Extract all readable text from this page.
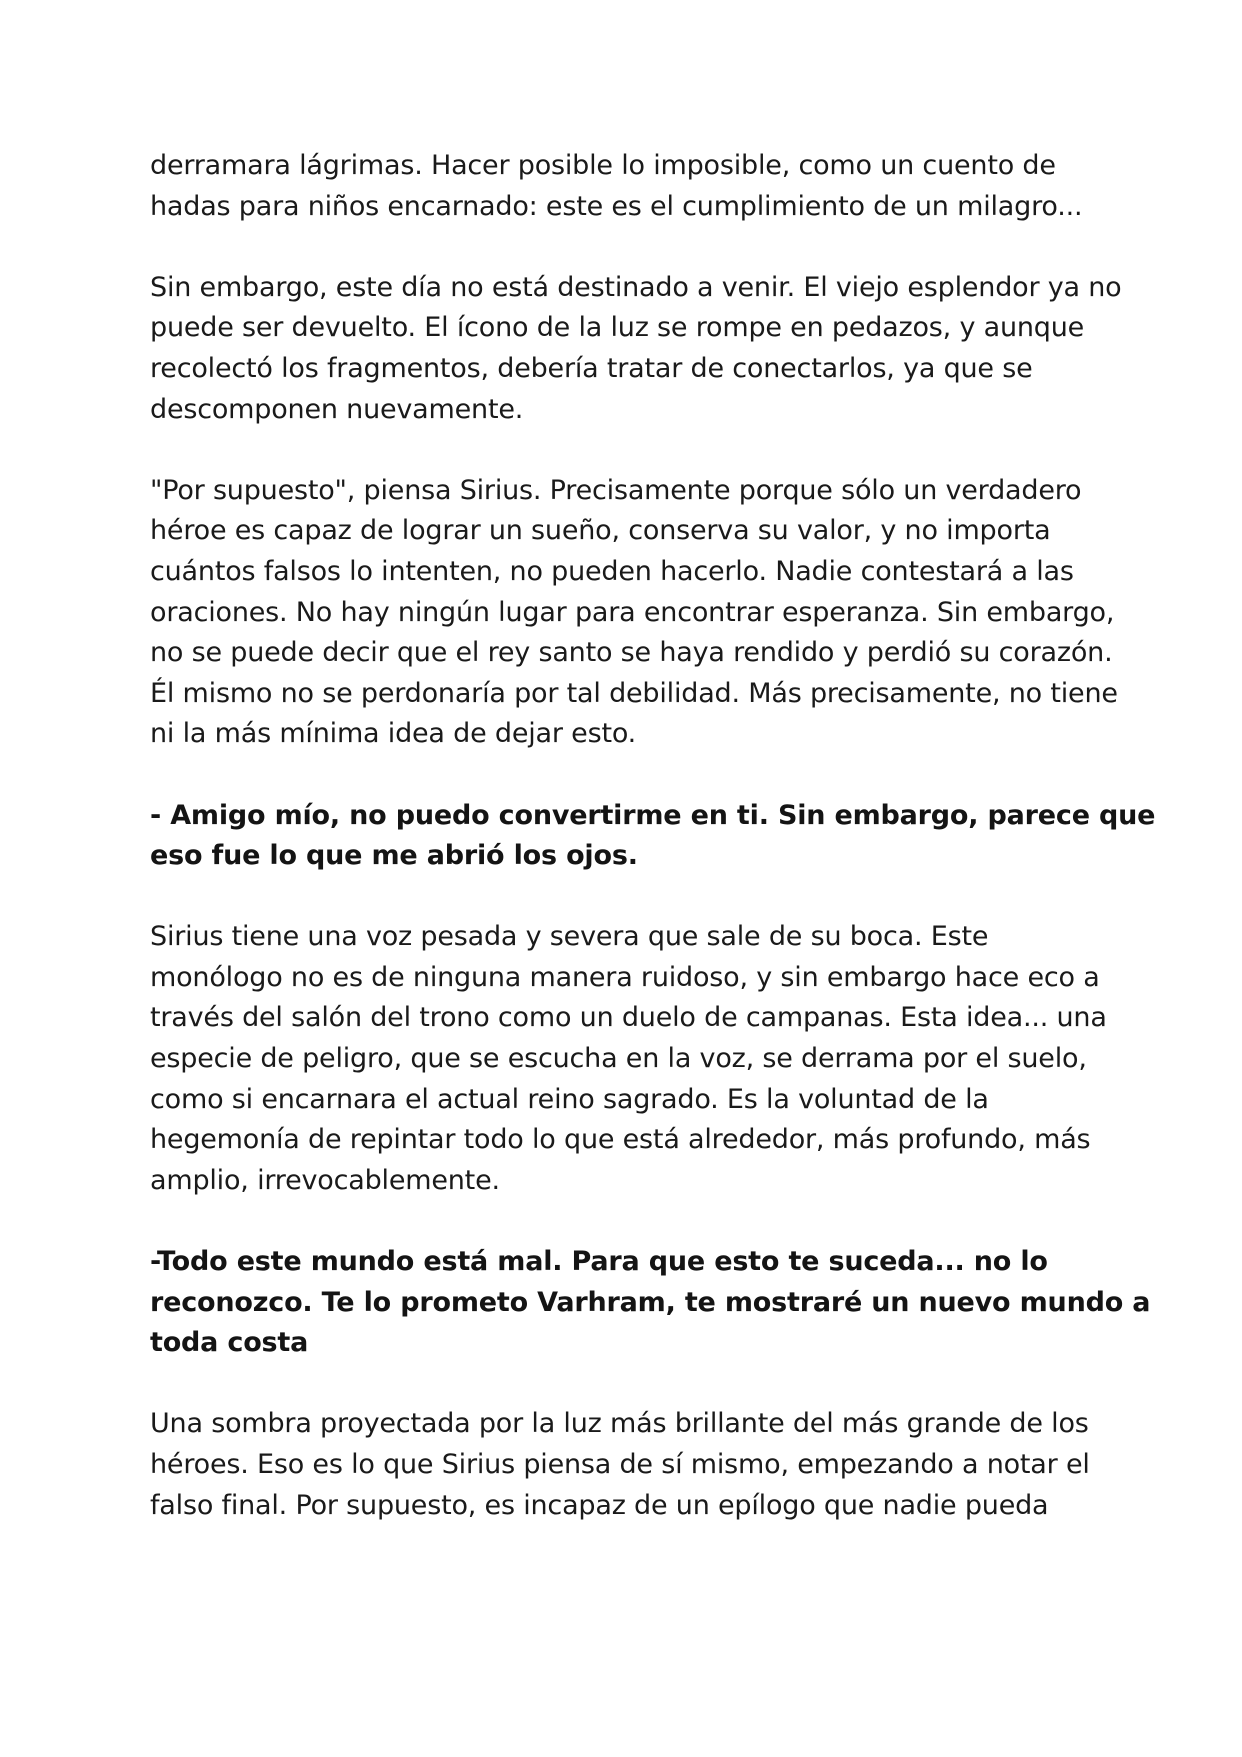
derramara lágrimas. Hacer posible lo imposible, como un cuento de
hadas para niños encarnado: este es el cumplimiento de un milagro...

Sin embargo, este día no está destinado a venir. El viejo esplendor ya no
puede ser devuelto. El ícono de la luz se rompe en pedazos, y aunque
recolectó los fragmentos, debería tratar de conectarlos, ya que se
descomponen nuevamente.

"Por supuesto", piensa Sirius. Precisamente porque sólo un verdadero
héroe es capaz de lograr un sueño, conserva su valor, y no importa
cuántos falsos lo intenten, no pueden hacerlo. Nadie contestará a las
oraciones. No hay ningún lugar para encontrar esperanza. Sin embargo,
no se puede decir que el rey santo se haya rendido y perdió su corazón.
Él mismo no se perdonaría por tal debilidad. Más precisamente, no tiene
ni la más mínima idea de dejar esto.

- Amigo mío, no puedo convertirme en ti. Sin embargo, parece que
eso fue lo que me abrió los ojos.

Sirius tiene una voz pesada y severa que sale de su boca. Este
monólogo no es de ninguna manera ruidoso, y sin embargo hace eco a
través del salón del trono como un duelo de campanas. Esta idea... una
especie de peligro, que se escucha en la voz, se derrama por el suelo,
como si encarnara el actual reino sagrado. Es la voluntad de la
hegemonía de repintar todo lo que está alrededor, más profundo, más
amplio, irrevocablemente.

-Todo este mundo está mal. Para que esto te suceda... no lo
reconozco. Te lo prometo Varhram, te mostraré un nuevo mundo a
toda costa

Una sombra proyectada por la luz más brillante del más grande de los
héroes. Eso es lo que Sirius piensa de sí mismo, empezando a notar el
falso final. Por supuesto, es incapaz de un epílogo que nadie pueda
